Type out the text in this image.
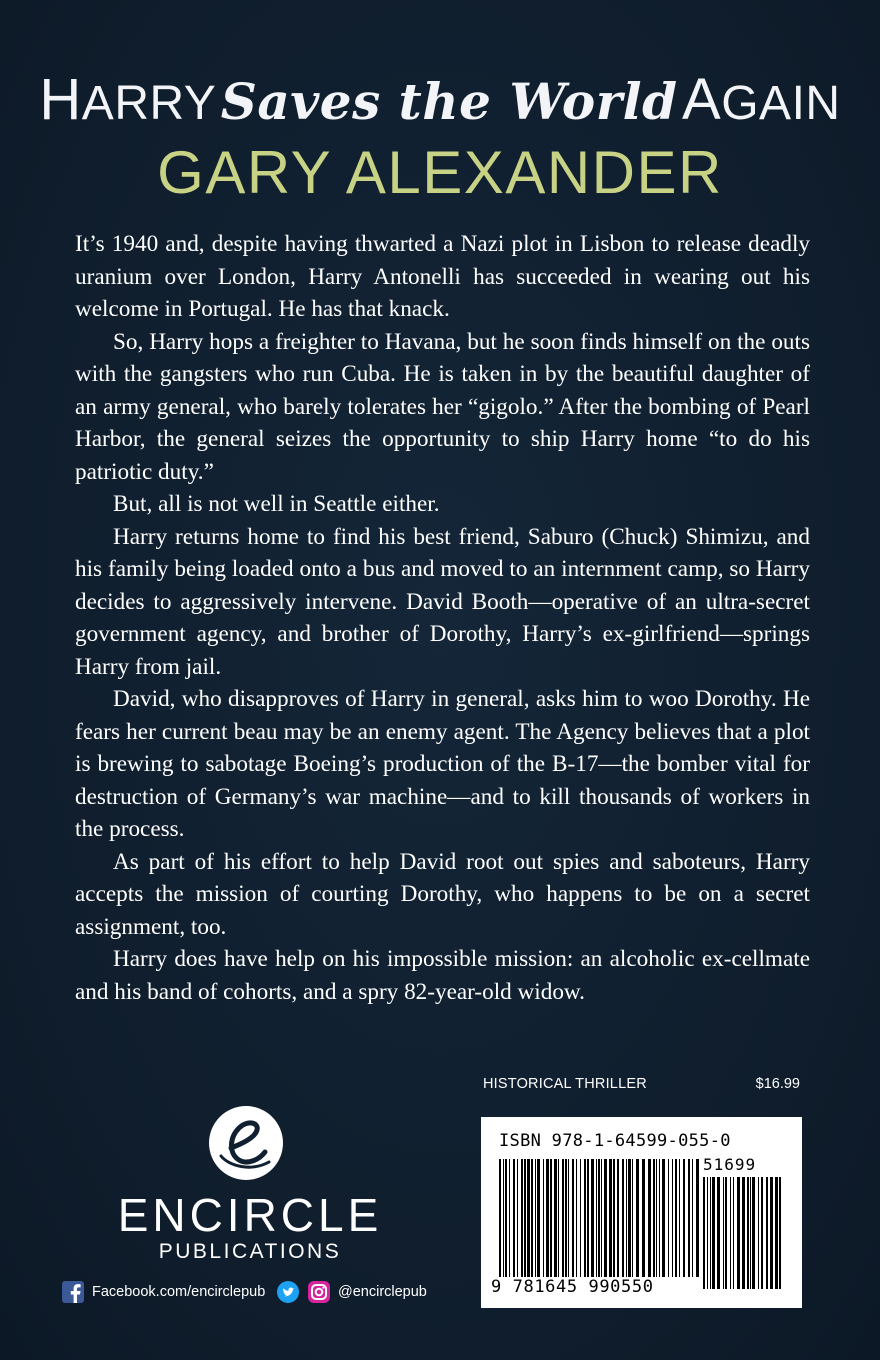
HARRY Saves the World AGAIN
GARY ALEXANDER

It’s 1940 and, despite having thwarted a Nazi plot in Lisbon to release deadly uranium over London, Harry Antonelli has succeeded in wearing out his welcome in Portugal. He has that knack.

So, Harry hops a freighter to Havana, but he soon finds himself on the outs with the gangsters who run Cuba. He is taken in by the beautiful daughter of an army general, who barely tolerates her “gigolo.” After the bombing of Pearl Harbor, the general seizes the opportunity to ship Harry home “to do his patriotic duty.”

But, all is not well in Seattle either.

Harry returns home to find his best friend, Saburo (Chuck) Shimizu, and his family being loaded onto a bus and moved to an internment camp, so Harry decides to aggressively intervene. David Booth—operative of an ultra-secret government agency, and brother of Dorothy, Harry’s ex-girlfriend—springs Harry from jail.

David, who disapproves of Harry in general, asks him to woo Dorothy. He fears her current beau may be an enemy agent. The Agency believes that a plot is brewing to sabotage Boeing’s production of the B-17—the bomber vital for destruction of Germany’s war machine—and to kill thousands of workers in the process.

As part of his effort to help David root out spies and saboteurs, Harry accepts the mission of courting Dorothy, who happens to be on a secret assignment, too.

Harry does have help on his impossible mission: an alcoholic ex-cellmate and his band of cohorts, and a spry 82-year-old widow.

HISTORICAL THRILLER	$16.99
ISBN 978-1-64599-055-0
51699
9 781645 990550
ENCIRCLE
PUBLICATIONS
Facebook.com/encirclepub	@encirclepub
